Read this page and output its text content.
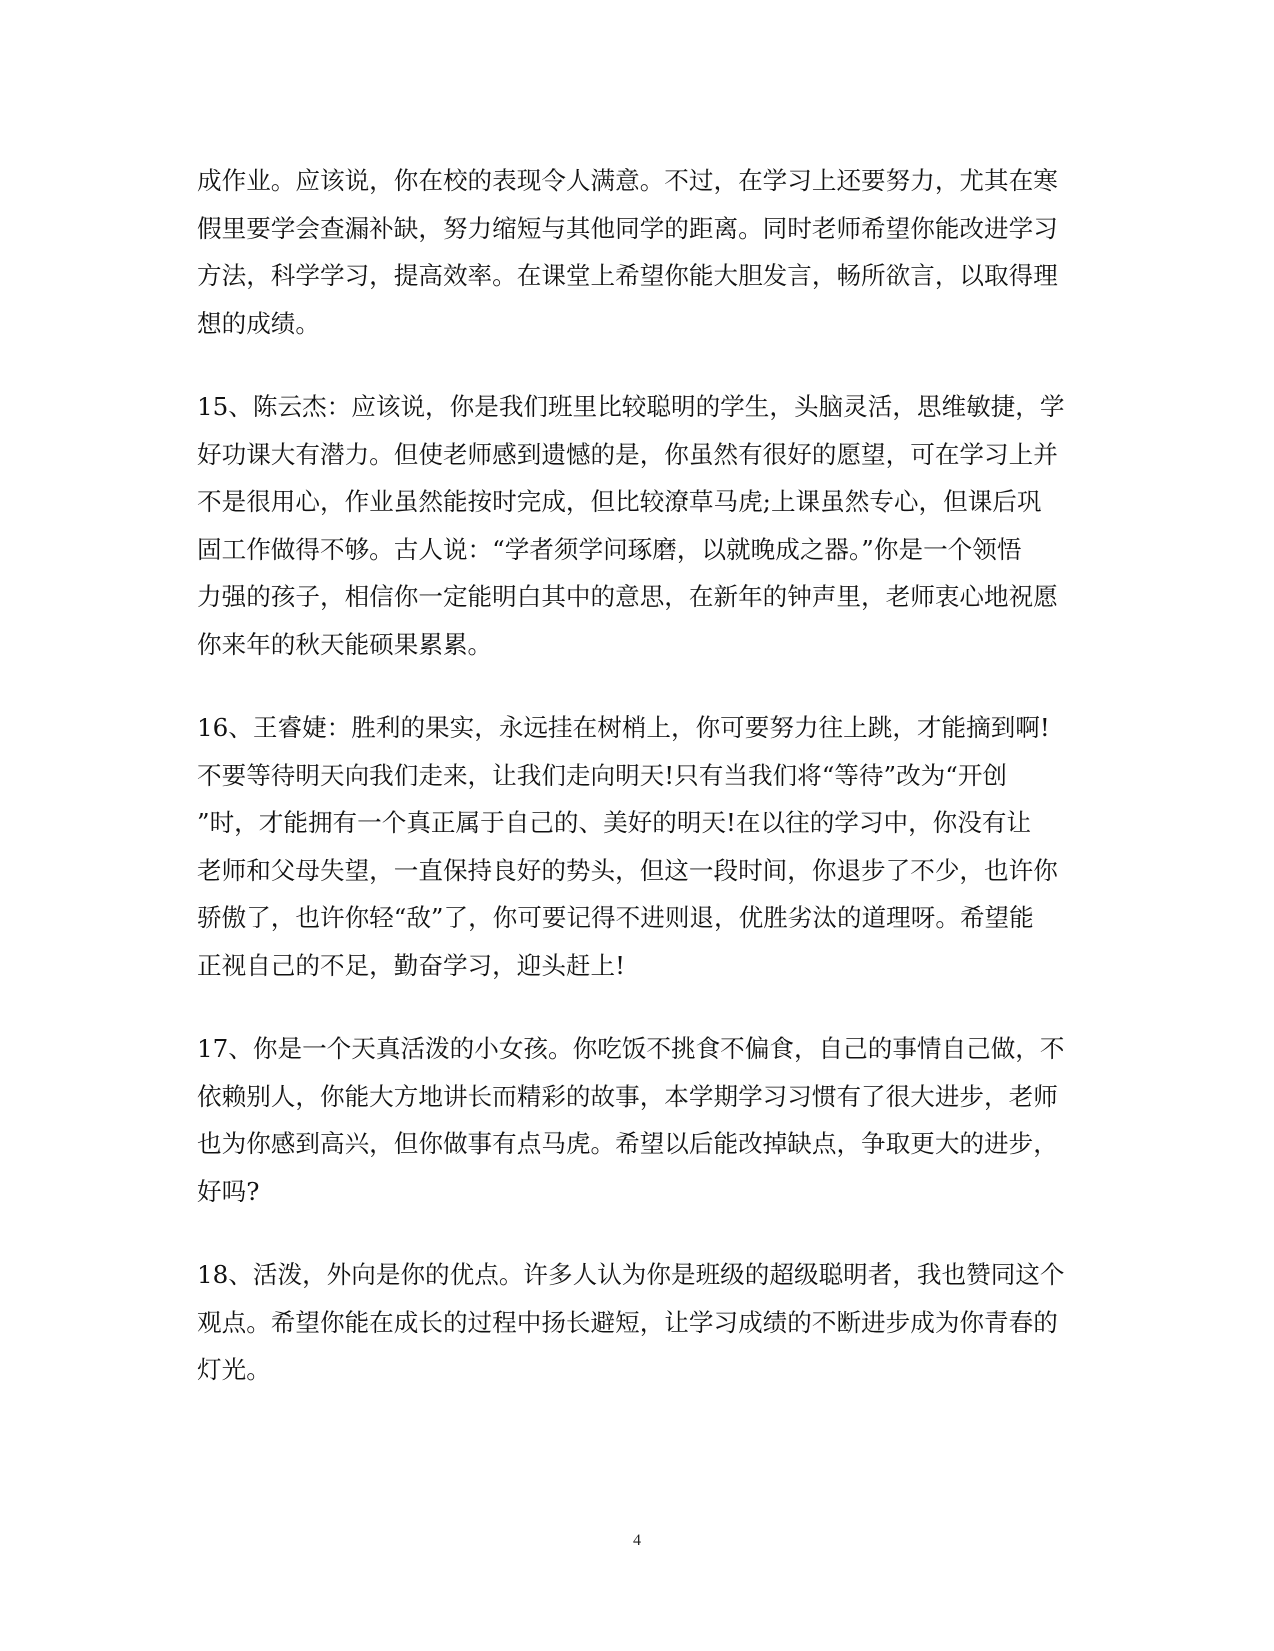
成作业。应该说，你在校的表现令人满意。不过，在学习上还要努力，尤其在寒
假里要学会查漏补缺，努力缩短与其他同学的距离。同时老师希望你能改进学习
方法，科学学习，提高效率。在课堂上希望你能大胆发言，畅所欲言，以取得理
想的成绩。
15、陈云杰：应该说，你是我们班里比较聪明的学生，头脑灵活，思维敏捷，学
好功课大有潜力。但使老师感到遗憾的是，你虽然有很好的愿望，可在学习上并
不是很用心，作业虽然能按时完成，但比较潦草马虎;上课虽然专心，但课后巩
固工作做得不够。古人说：“学者须学问琢磨，以就晚成之器。”你是一个领悟
力强的孩子，相信你一定能明白其中的意思，在新年的钟声里，老师衷心地祝愿
你来年的秋天能硕果累累。
16、王睿婕：胜利的果实，永远挂在树梢上，你可要努力往上跳，才能摘到啊!
不要等待明天向我们走来，让我们走向明天!只有当我们将“等待”改为“开创
”时，才能拥有一个真正属于自己的、美好的明天!在以往的学习中，你没有让
老师和父母失望，一直保持良好的势头，但这一段时间，你退步了不少，也许你
骄傲了，也许你轻“敌”了，你可要记得不进则退，优胜劣汰的道理呀。希望能
正视自己的不足，勤奋学习，迎头赶上!
17、你是一个天真活泼的小女孩。你吃饭不挑食不偏食，自己的事情自己做，不
依赖别人，你能大方地讲长而精彩的故事，本学期学习习惯有了很大进步，老师
也为你感到高兴，但你做事有点马虎。希望以后能改掉缺点，争取更大的进步，
好吗?
18、活泼，外向是你的优点。许多人认为你是班级的超级聪明者，我也赞同这个
观点。希望你能在成长的过程中扬长避短，让学习成绩的不断进步成为你青春的
灯光。
4
